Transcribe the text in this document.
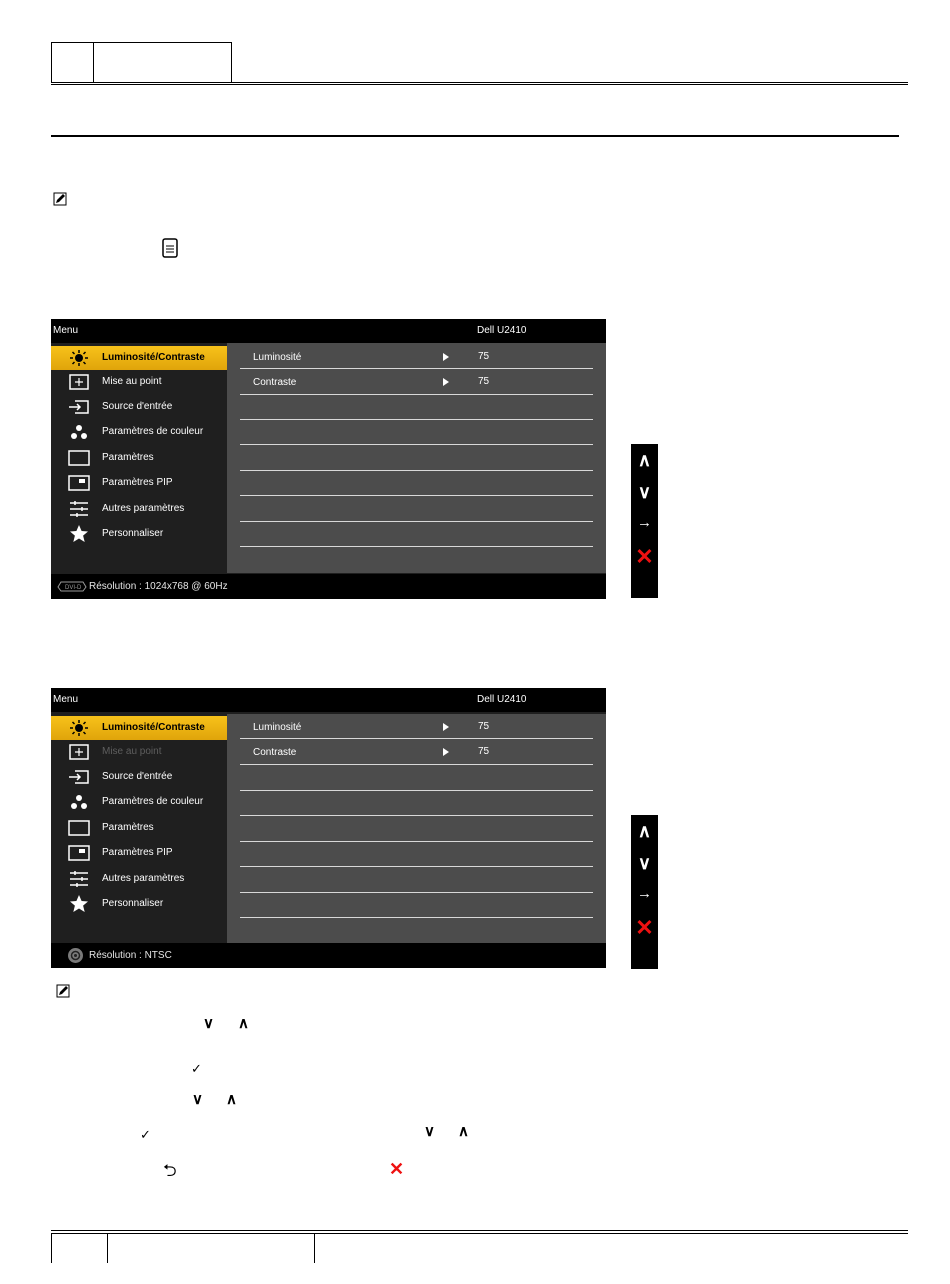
Menu	Dell U2410
Luminosité	75
Contraste	75
Luminosité/Contraste
Mise au point
Source d'entrée
Paramètres de couleur
Paramètres
Paramètres PIP
Autres paramètres
Personnaliser
DVI-D Résolution : 1024x768 @ 60Hz
∧
∨
→
✕
Menu	Dell U2410
Luminosité	75
Contraste	75
Luminosité/Contraste
Mise au point
Source d'entrée
Paramètres de couleur
Paramètres
Paramètres PIP
Autres paramètres
Personnaliser
Résolution : NTSC
∧
∨
→
✕
∨ ∧
✓
∨ ∧
✓	∨ ∧
⮌	✕
